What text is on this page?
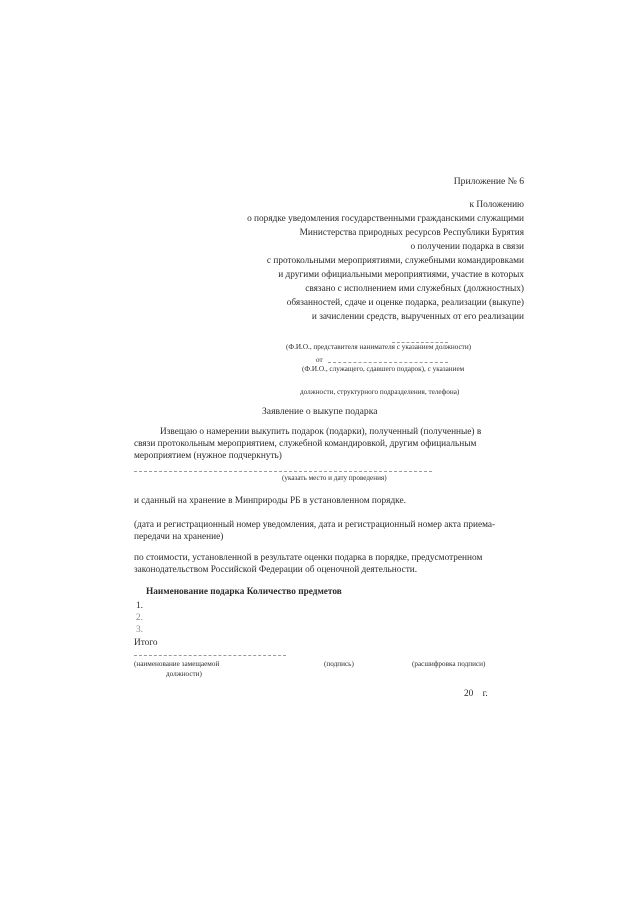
Приложение № 6
к Положению
о порядке уведомления государственными гражданскими служащими
Министерства природных ресурсов Республики Бурятия
о получении подарка в связи
с протокольными мероприятиями, служебными командировками
и другими официальными мероприятиями, участие в которых
связано с исполнением ими служебных (должностных)
обязанностей, сдаче и оценке подарка, реализации (выкупе)
и зачислении средств, вырученных от его реализации
(Ф.И.О., представителя нанимателя с указанием должности)
от
(Ф.И.О., служащего, сдавшего подарок), с указанием
должности, структурного подразделения, телефона)
Заявление о выкупе подарка
Извещаю о намерении выкупить подарок (подарки), полученный (полученные) в
связи протокольным мероприятием, служебной командировкой, другим официальным
мероприятием (нужное подчеркнуть)
(указать место и дату проведения)
и сданный на хранение в Минприроды РБ в установленном порядке.
(дата и регистрационный номер уведомления, дата и регистрационный номер акта приема-
передачи на хранение)
по стоимости, установленной в результате оценки подарка в порядке, предусмотренном
законодательством Российской Федерации об оценочной деятельности.
Наименование подарка Количество предметов
1.
2.
3.
Итого
(наименование замещаемой
должности)
(подпись)	(расшифровка подписи)
20    г.
